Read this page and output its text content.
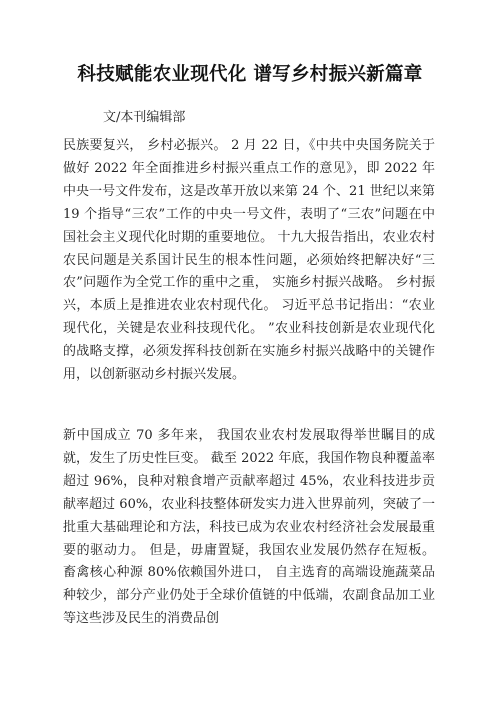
科技赋能农业现代化 谱写乡村振兴新篇章
文/本刊编辑部

民族要复兴， 乡村必振兴。 2 月 22 日，《中共中央国务院关于做好 2022 年全面推进乡村振兴重点工作的意见》，即 2022 年中央一号文件发布，这是改革开放以来第 24 个、21 世纪以来第 19 个指导“三农”工作的中央一号文件，表明了“三农”问题在中国社会主义现代化时期的重要地位。 十九大报告指出，农业农村农民问题是关系国计民生的根本性问题，必须始终把解决好“三农”问题作为全党工作的重中之重， 实施乡村振兴战略。 乡村振兴，本质上是推进农业农村现代化。 习近平总书记指出：“农业现代化，关键是农业科技现代化。 ”农业科技创新是农业现代化的战略支撑，必须发挥科技创新在实施乡村振兴战略中的关键作用，以创新驱动乡村振兴发展。

新中国成立 70 多年来， 我国农业农村发展取得举世瞩目的成就，发生了历史性巨变。 截至 2022 年底，我国作物良种覆盖率超过 96%，良种对粮食增产贡献率超过 45%，农业科技进步贡献率超过 60%，农业科技整体研发实力进入世界前列，突破了一批重大基础理论和方法，科技已成为农业农村经济社会发展最重要的驱动力。 但是，毋庸置疑，我国农业发展仍然存在短板。 畜禽核心种源 80%依赖国外进口， 自主选育的高端设施蔬菜品种较少，部分产业仍处于全球价值链的中低端，农副食品加工业等这些涉及民生的消费品创
